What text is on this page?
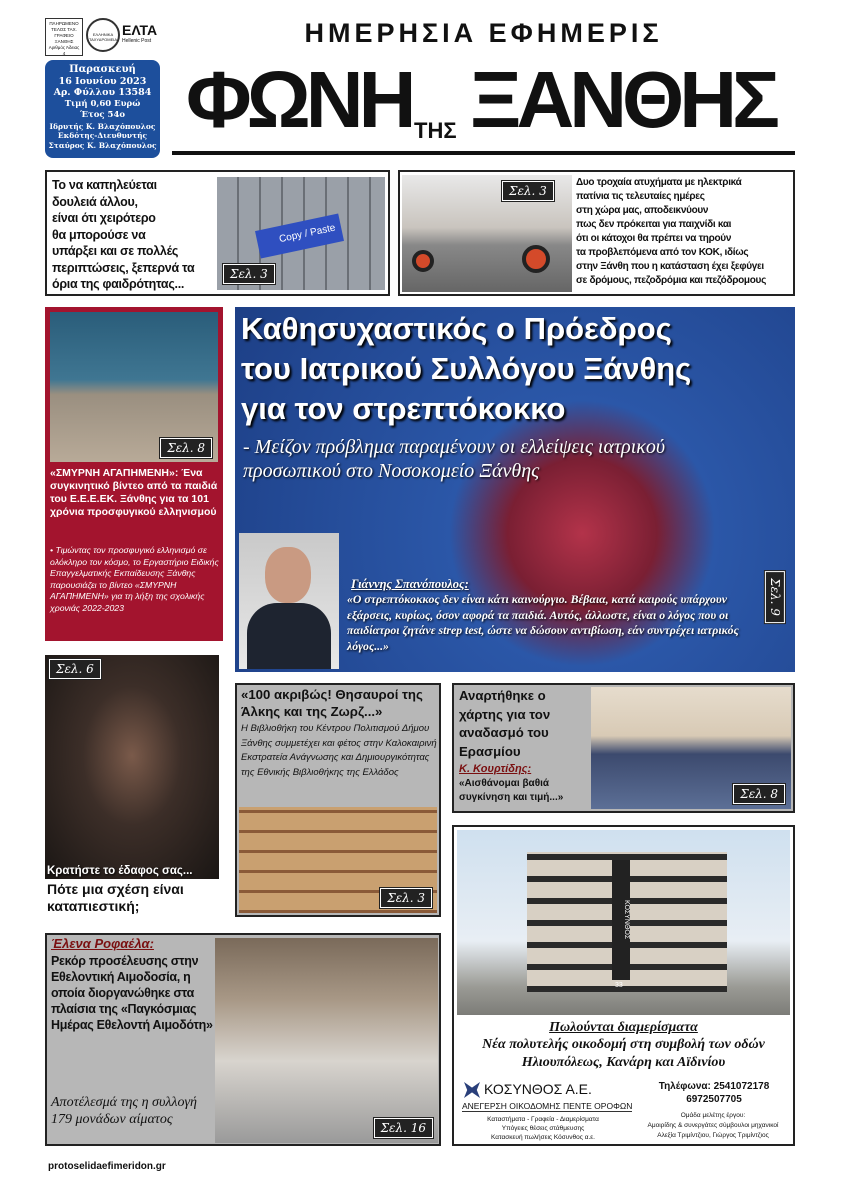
ΠΛΗΡΩΜΕΝΟ ΤΕΛΟΣ ΤΑΧ. ΓΡΑΦΕΙΟ ΞΑΝΘΗΣ Αριθμός Άδειας 4
ΕΛΛΗΝΙΚΑ ΤΑΧΥΔΡΟΜΕΙΑ
ΕΛΤΑ
Hellenic Post
Παρασκευή
16 Ιουνίου 2023
Αρ. Φύλλου 13584
Τιμή 0,60 Ευρώ
Έτος 54ο
Ιδρυτής Κ. Βλαχόπουλος
Εκδότης-Διευθυντής
Σταύρος Κ. Βλαχόπουλος
ΗΜΕΡΗΣΙΑ ΕΦΗΜΕΡΙΣ
ΦΩΝΗ ΤΗΣ ΞΑΝΘΗΣ
Το να καπηλεύεται
δουλειά άλλου,
είναι ότι χειρότερο
θα μπορούσε να
υπάρξει και σε πολλές
περιπτώσεις, ξεπερνά τα
όρια της φαιδρότητας...
Copy / Paste
Σελ. 3
Σελ. 3
Δυο τροχαία ατυχήματα με ηλεκτρικά
πατίνια τις τελευταίες ημέρες
στη χώρα μας, αποδεικνύουν
πως δεν πρόκειται για παιχνίδι και
ότι οι κάτοχοι θα πρέπει να τηρούν
τα προβλεπόμενα από τον ΚΟΚ, ιδίως
στην Ξάνθη που η κατάσταση έχει ξεφύγει
σε δρόμους, πεζοδρόμια και πεζόδρομους
Σελ. 8
«ΣΜΥΡΝΗ ΑΓΑΠΗΜΕΝΗ»: Ένα συγκινητικό βίντεο από τα παιδιά του Ε.Ε.Ε.ΕΚ. Ξάνθης για τα 101 χρόνια προσφυγικού ελληνισμού
• Τιμώντας τον προσφυγικό ελληνισμό σε ολόκληρο τον κόσμο, το Εργαστήριο Ειδικής Επαγγελματικής Εκπαίδευσης Ξάνθης παρουσιάζει το βίντεο «ΣΜΥΡΝΗ ΑΓΑΠΗΜΕΝΗ» για τη λήξη της σχολικής χρονιάς 2022-2023
Καθησυχαστικός ο Πρόεδρος
του Ιατρικού Συλλόγου Ξάνθης
για τον στρεπτόκοκκο
- Μείζον πρόβλημα παραμένουν οι ελλείψεις ιατρικού προσωπικού στο Νοσοκομείο Ξάνθης
Γιάννης Σπανόπουλος:
«Ο στρεπτόκοκκος δεν είναι κάτι καινούργιο. Βέβαια, κατά καιρούς υπάρχουν εξάρσεις, κυρίως, όσον αφορά τα παιδιά. Αυτός, άλλωστε, είναι ο λόγος που οι παιδίατροι ζητάνε strep test, ώστε να δώσουν αντιβίωση, εάν συντρέχει ιατρικός λόγος...»
Σελ. 9
Σελ. 6
Κρατήστε το έδαφος σας...
Πότε μια σχέση είναι καταπιεστική;
«100 ακριβώς! Θησαυροί της Άλκης και της Ζωρζ...»
Η Βιβλιοθήκη του Κέντρου Πολιτισμού Δήμου Ξάνθης συμμετέχει και φέτος στην Καλοκαιρινή Εκστρατεία Ανάγνωσης και Δημιουργικότητας της Εθνικής Βιβλιοθήκης της Ελλάδος
Σελ. 3
Αναρτήθηκε ο χάρτης για τον αναδασμό του Ερασμίου
Κ. Κουρτίδης:
«Αισθάνομαι βαθιά συγκίνηση και τιμή...»	Σελ. 8
ΚΟΣΥΝΘΟΣ
33
Πωλούνται διαμερίσματα
Νέα πολυτελής οικοδομή στη συμβολή των οδών
Ηλιουπόλεως, Κανάρη και Αϊδινίου
ΚΟΣΥΝΘΟΣ Α.Ε.
ΑΝΕΓΕΡΣΗ ΟΙΚΟΔΟΜΗΣ ΠΕΝΤΕ ΟΡΟΦΩΝ
Καταστήματα - Γραφεία - Διαμερίσματα
Υπόγειες θέσεις στάθμευσης
Κατασκευή πωλήσεις Κόσυνθος α.ε.
Τηλέφωνα: 2541072178
6972507705
Ομάδα μελέτης έργου:
Αμοιρίδης & συνεργάτες σύμβουλοι μηχανικοί
Αλεξία Τριμίντζιου, Γιώργος Τριμίντζιος
Έλενα Ροφαέλα:
Ρεκόρ προσέλευσης στην Εθελοντική Αιμοδοσία, η οποία διοργανώθηκε στα πλαίσια της «Παγκόσμιας Ημέρας Εθελοντή Αιμοδότη»
Αποτέλεσμά της η συλλογή 179 μονάδων αίματος
Σελ. 16
protoselidaefimeridon.gr
